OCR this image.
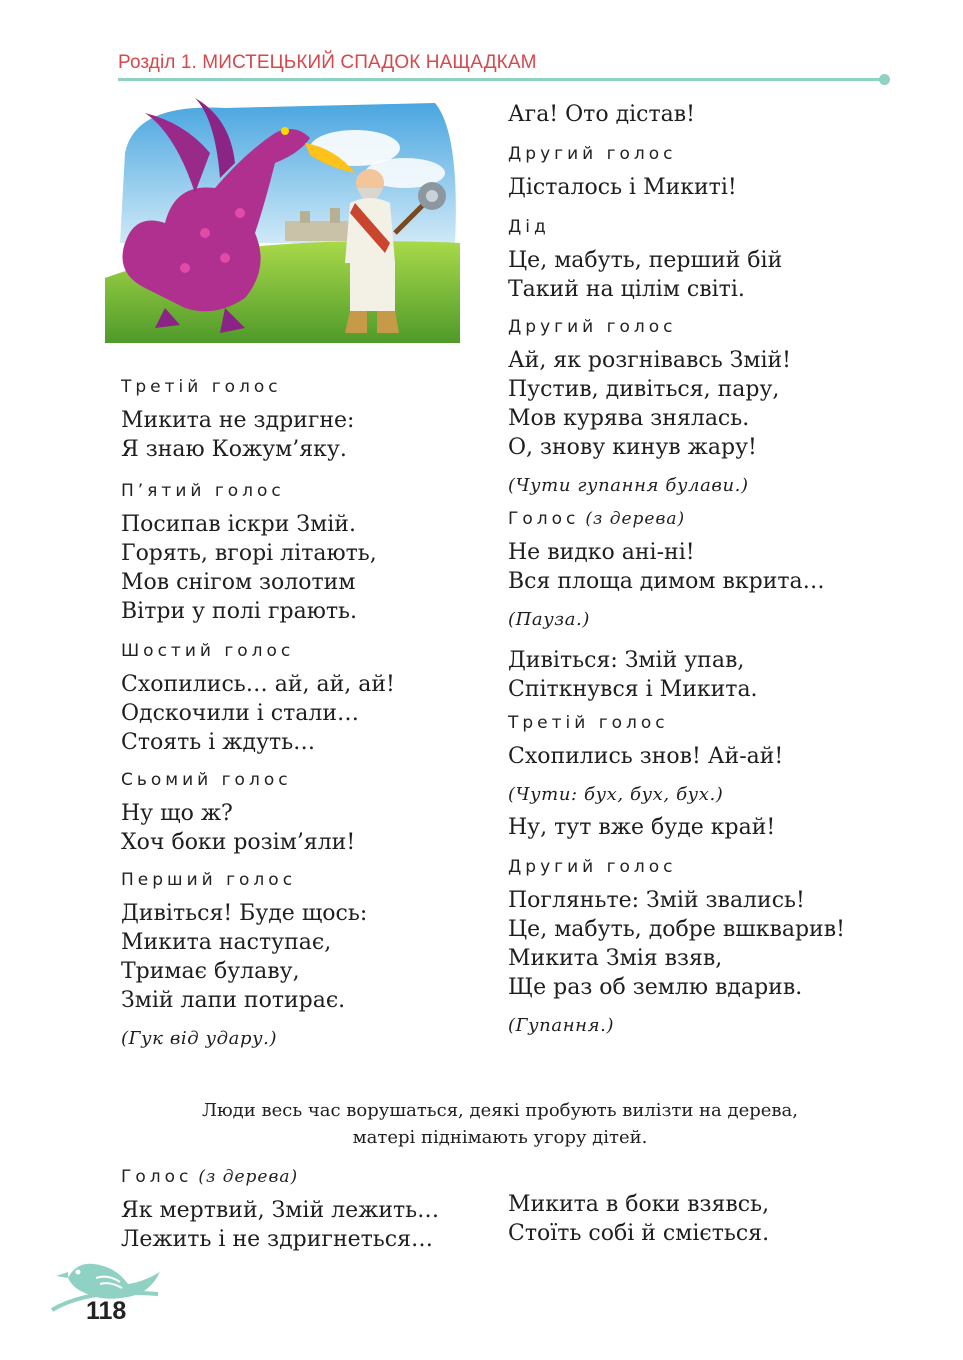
Розділ 1. МИСТЕЦЬКИЙ СПАДОК НАЩАДКАМ
Третій голос
Микита не здригне:
Я знаю Кожум’яку.
П’ятий голос
Посипав іскри Змій.
Горять, вгорі літають,
Мов снігом золотим
Вітри у полі грають.
Шостий голос
Схопились… ай, ай, ай!
Одскочили і стали…
Стоять і ждуть…
Сьомий голос
Ну що ж?
Хоч боки розім’яли!
Перший голос
Дивіться! Буде щось:
Микита наступає,
Тримає булаву,
Змій лапи потирає.
(Гук від удару.)
Ага! Ото дістав!
Другий голос
Дісталось і Микиті!
Дід
Це, мабуть, перший бій
Такий на цілім світі.
Другий голос
Ай, як розгнівавсь Змій!
Пустив, дивіться, пару,
Мов курява знялась.
О, знову кинув жару!
(Чути гупання булави.)
Голос (з дерева)
Не видко ані-ні!
Вся площа димом вкрита…
(Пауза.)
Дивіться: Змій упав,
Спіткнувся і Микита.
Третій голос
Схопились знов! Ай-ай!
(Чути: бух, бух, бух.)
Ну, тут вже буде край!
Другий голос
Погляньте: Змій звались!
Це, мабуть, добре вшкварив!
Микита Змія взяв,
Ще раз об землю вдарив.
(Гупання.)
Люди весь час ворушаться, деякі пробують вилізти на дерева,
матері піднімають угору дітей.
Голос (з дерева)
Як мертвий, Змій лежить…
Лежить і не здригнеться…
Микита в боки взявсь,
Стоїть собі й сміється.
118
